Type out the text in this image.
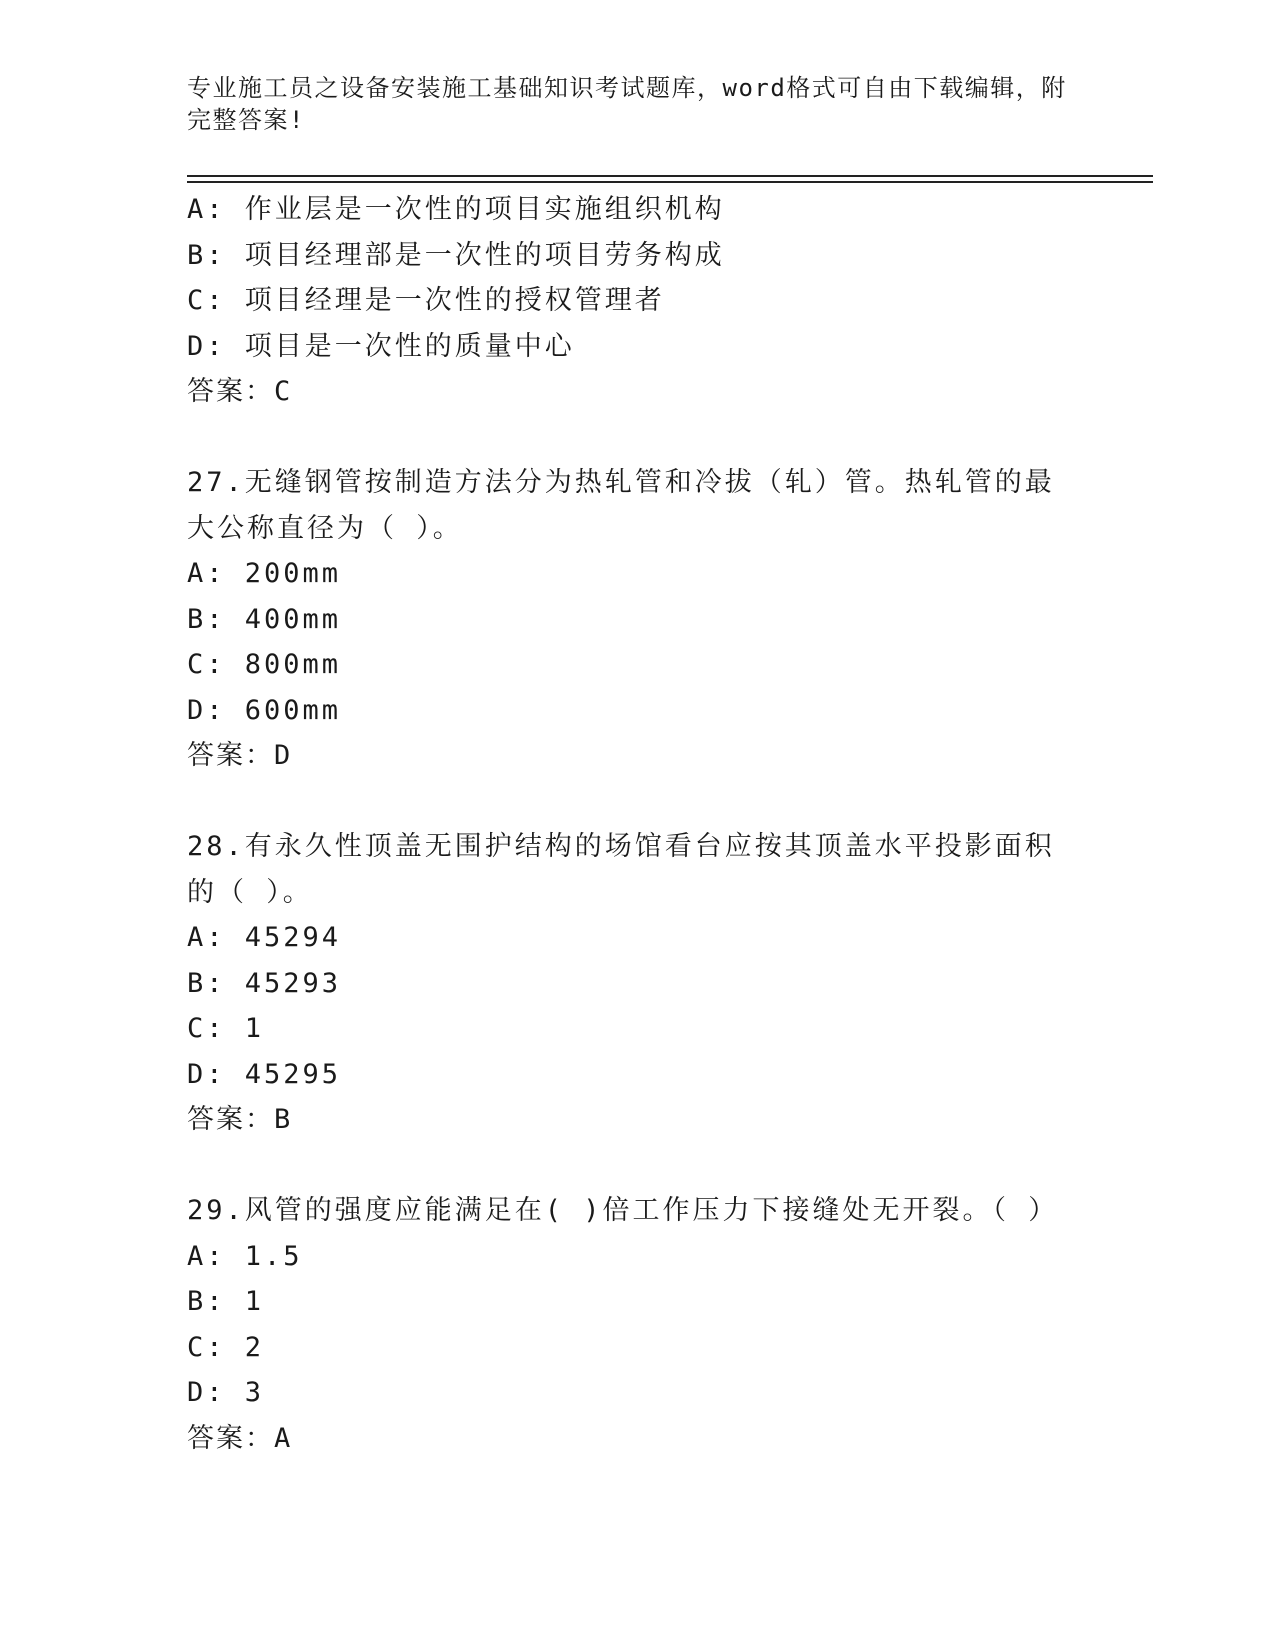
专业施工员之设备安装施工基础知识考试题库，word格式可自由下载编辑，附完整答案!
A: 作业层是一次性的项目实施组织机构
B: 项目经理部是一次性的项目劳务构成
C: 项目经理是一次性的授权管理者
D: 项目是一次性的质量中心
答案：C
27.无缝钢管按制造方法分为热轧管和冷拔（轧）管。热轧管的最大公称直径为（ ）。
A: 200mm
B: 400mm
C: 800mm
D: 600mm
答案：D
28.有永久性顶盖无围护结构的场馆看台应按其顶盖水平投影面积的（ ）。
A: 45294
B: 45293
C: 1
D: 45295
答案：B
29.风管的强度应能满足在( )倍工作压力下接缝处无开裂。（ ）
A: 1.5
B: 1
C: 2
D: 3
答案：A
